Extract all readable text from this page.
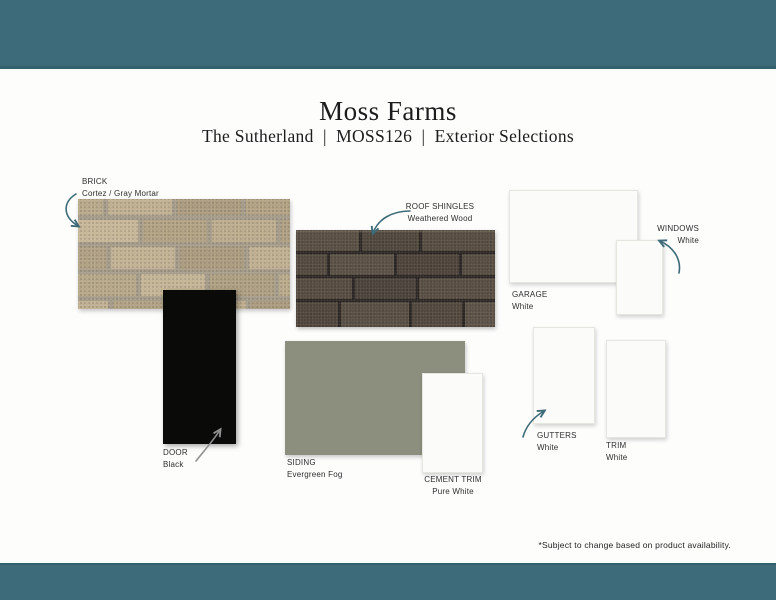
Moss Farms
The Sutherland  |  MOSS126  |  Exterior Selections
BRICK
Cortez / Gray Mortar
ROOF SHINGLES
Weathered Wood
GARAGE
White
WINDOWS
White
DOOR
Black	SIDING
Evergreen Fog
CEMENT TRIM
Pure White
GUTTERS
White	TRIM
White
*Subject to change based on product availability.
